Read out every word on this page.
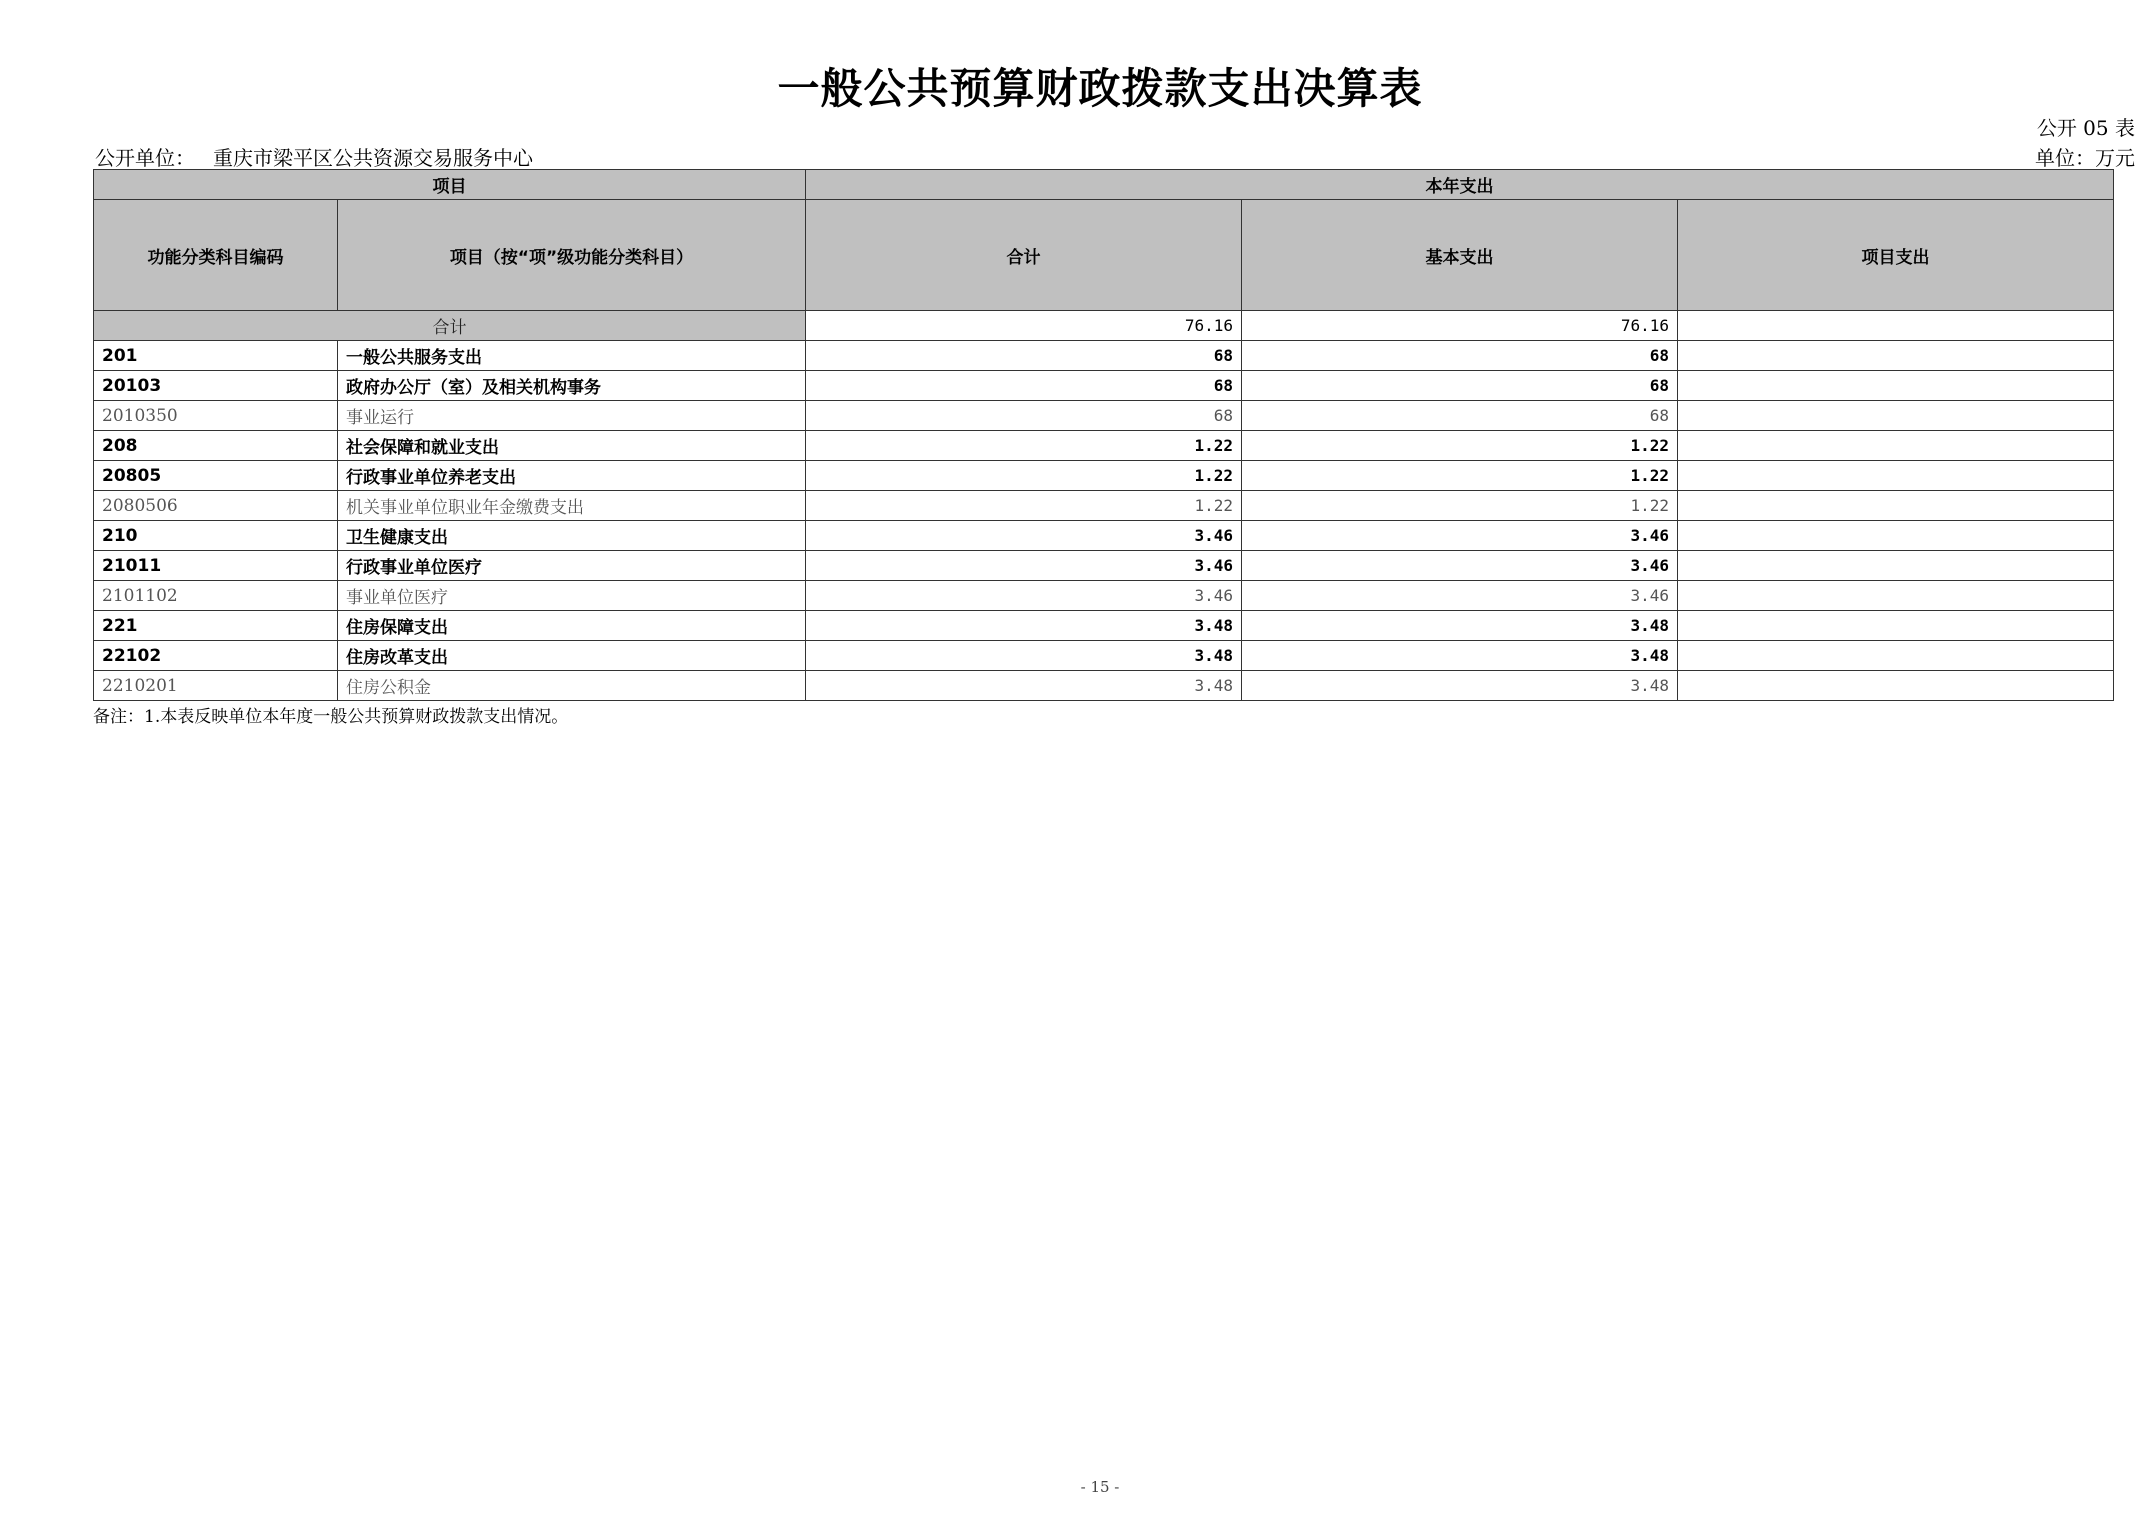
一般公共预算财政拨款支出决算表
公开 05 表
公开单位： 重庆市梁平区公共资源交易服务中心	单位：万元
项目		本年支出		
功能分类科目编码	项目（按“项”级功能分类科目）	合计	基本支出	项目支出
合计		76.16	76.16	
201	一般公共服务支出	68	68	
20103	政府办公厅（室）及相关机构事务	68	68	
2010350	事业运行	68	68	
208	社会保障和就业支出	1.22	1.22	
20805	行政事业单位养老支出	1.22	1.22	
2080506	机关事业单位职业年金缴费支出	1.22	1.22	
210	卫生健康支出	3.46	3.46	
21011	行政事业单位医疗	3.46	3.46	
2101102	事业单位医疗	3.46	3.46	
221	住房保障支出	3.48	3.48	
22102	住房改革支出	3.48	3.48	
2210201	住房公积金	3.48	3.48	
备注：1.本表反映单位本年度一般公共预算财政拨款支出情况。
- 15 -
